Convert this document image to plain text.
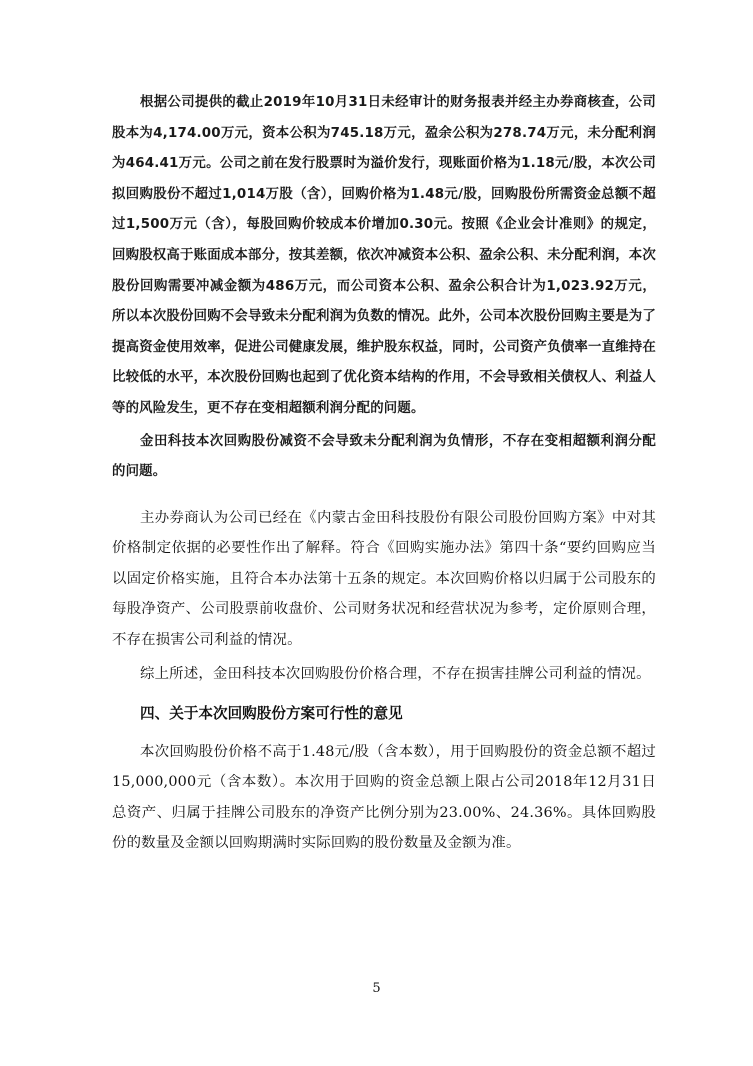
根据公司提供的截止2019年10月31日未经审计的财务报表并经主办券商核查，公司股本为4,174.00万元，资本公积为745.18万元，盈余公积为278.74万元，未分配利润为464.41万元。公司之前在发行股票时为溢价发行，现账面价格为1.18元/股，本次公司拟回购股份不超过1,014万股（含），回购价格为1.48元/股，回购股份所需资金总额不超过1,500万元（含），每股回购价较成本价增加0.30元。按照《企业会计准则》的规定，回购股权高于账面成本部分，按其差额，依次冲减资本公积、盈余公积、未分配利润，本次股份回购需要冲减金额为486万元，而公司资本公积、盈余公积合计为1,023.92万元，所以本次股份回购不会导致未分配利润为负数的情况。此外，公司本次股份回购主要是为了提高资金使用效率，促进公司健康发展，维护股东权益，同时，公司资产负债率一直维持在比较低的水平，本次股份回购也起到了优化资本结构的作用，不会导致相关债权人、利益人等的风险发生，更不存在变相超额利润分配的问题。

金田科技本次回购股份减资不会导致未分配利润为负情形，不存在变相超额利润分配的问题。

主办券商认为公司已经在《内蒙古金田科技股份有限公司股份回购方案》中对其价格制定依据的必要性作出了解释。符合《回购实施办法》第四十条“要约回购应当以固定价格实施，且符合本办法第十五条的规定。本次回购价格以归属于公司股东的每股净资产、公司股票前收盘价、公司财务状况和经营状况为参考，定价原则合理，不存在损害公司利益的情况。

综上所述，金田科技本次回购股份价格合理，不存在损害挂牌公司利益的情况。

四、关于本次回购股份方案可行性的意见

本次回购股份价格不高于1.48元/股（含本数），用于回购股份的资金总额不超过15,000,000元（含本数）。本次用于回购的资金总额上限占公司2018年12月31日总资产、归属于挂牌公司股东的净资产比例分别为23.00%、24.36%。具体回购股份的数量及金额以回购期满时实际回购的股份数量及金额为准。

5
